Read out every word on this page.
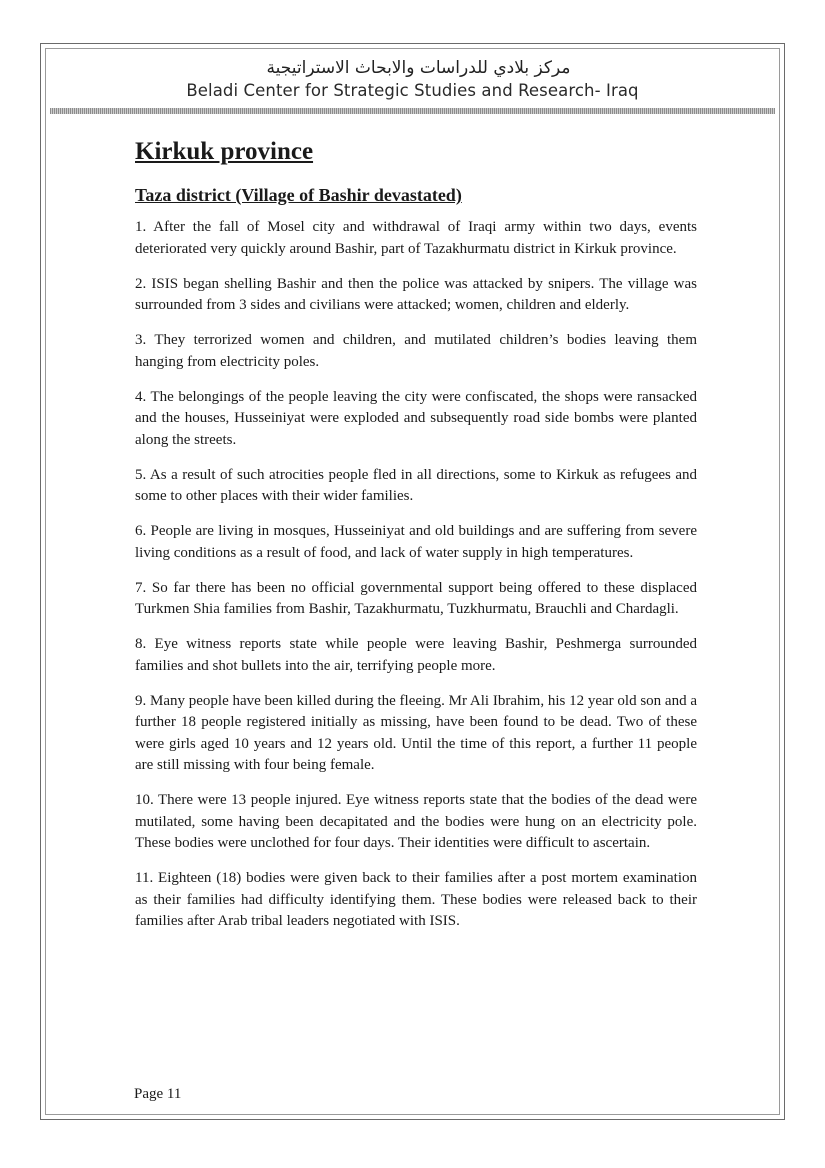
مركز بلادي للدراسات والابحاث الاستراتيجية
Beladi Center for Strategic Studies and Research- Iraq
Kirkuk province
Taza district (Village of Bashir devastated)

1. After the fall of Mosel city and withdrawal of Iraqi army within two days, events deteriorated very quickly around Bashir, part of Tazakhurmatu district in Kirkuk province.

2. ISIS began shelling Bashir and then the police was attacked by snipers. The village was surrounded from 3 sides and civilians were attacked; women, children and elderly.

3. They terrorized women and children, and mutilated children’s bodies leaving them hanging from electricity poles.

4. The belongings of the people leaving the city were confiscated, the shops were ransacked and the houses, Husseiniyat were exploded and subsequently road side bombs were planted along the streets.

5. As a result of such atrocities people fled in all directions, some to Kirkuk as refugees and some to other places with their wider families.

6. People are living in mosques, Husseiniyat and old buildings and are suffering from severe living conditions as a result of food, and lack of water supply in high temperatures.

7. So far there has been no official governmental support being offered to these displaced Turkmen Shia families from Bashir, Tazakhurmatu, Tuzkhurmatu, Brauchli and Chardagli.

8. Eye witness reports state while people were leaving Bashir, Peshmerga surrounded families and shot bullets into the air, terrifying people more.

9. Many people have been killed during the fleeing. Mr Ali Ibrahim, his 12 year old son and a further 18 people registered initially as missing, have been found to be dead. Two of these were girls aged 10 years and 12 years old. Until the time of this report, a further 11 people are still missing with four being female.

10. There were 13 people injured. Eye witness reports state that the bodies of the dead were mutilated, some having been decapitated and the bodies were hung on an electricity pole. These bodies were unclothed for four days. Their identities were difficult to ascertain.

11. Eighteen (18) bodies were given back to their families after a post mortem examination as their families had difficulty identifying them. These bodies were released back to their families after Arab tribal leaders negotiated with ISIS.

Page 11
